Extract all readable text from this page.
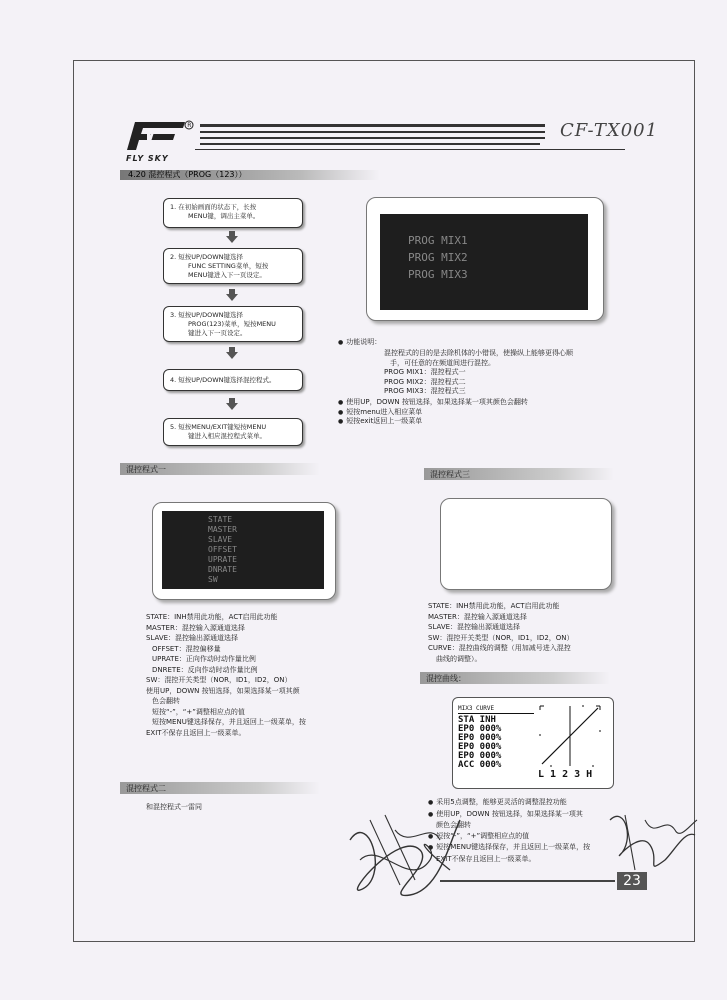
R
FLY SKY
CF-TX001
4.20 混控程式（PROG（123））
1. 在初始画面的状态下，长按
MENU键，调出主菜单。
2. 短按UP/DOWN键选择
FUNC SETTING菜单，短按
MENU键进入下一页设定。
3. 短按UP/DOWN键选择
PROG(123)菜单，短按MENU
键进入下一页设定。
4. 短按UP/DOWN键选择混控程式。
5. 短按MENU/EXIT键短按MENU
键进入相应混控程式菜单。
PROG MIX1
PROG MIX2
PROG MIX3
● 功能说明：
混控程式的目的是去除机体的小错误，使操纵上能够更得心顺
手，可任意的在频道间进行混控。
PROG MIX1：混控程式一
PROG MIX2：混控程式二
PROG MIX3：混控程式三
● 使用UP，DOWN 按钮选择，如果选择某一项其颜色会翻转
● 短按menu进入相应菜单
● 短按exit返回上一级菜单
混控程式一
STATE
MASTER
SLAVE
OFFSET
UPRATE
DNRATE
SW
STATE：INH禁用此功能，ACT启用此功能
MASTER：混控输入源通道选择
SLAVE：混控输出源通道选择
OFFSET：混控偏移量
UPRATE：正向作动时动作量比例
DNRETE：反向作动时动作量比例
SW：混控开关类型（NOR，ID1，ID2，ON）
使用UP，DOWN 按钮选择，如果选择某一项其颜
色会翻转
短按“-”，“+”调整相应点的值
短按MENU键选择保存，并且返回上一级菜单，按
EXIT不保存且返回上一级菜单。
混控程式二
和混控程式一雷同
混控程式三
STATE：INH禁用此功能，ACT启用此功能
MASTER：混控输入源通道选择
SLAVE：混控输出源通道选择
SW：混控开关类型（NOR，ID1，ID2，ON）
CURVE：混控曲线的调整（用加减号进入混控
曲线的调整）。
混控曲线：
MIX3 CURVE
STA INH
EP0 000%
EP0 000%
EP0 000%
EP0 000%
ACC 000%
L 1 2 3 H
● 采用5点调整，能够更灵活的调整混控功能
● 使用UP，DOWN 按钮选择，如果选择某一项其
颜色会翻转
● 短按“-”，“+”调整相应点的值
● 短按MENU键选择保存，并且返回上一级菜单，按
EXIT不保存且返回上一级菜单。
23
